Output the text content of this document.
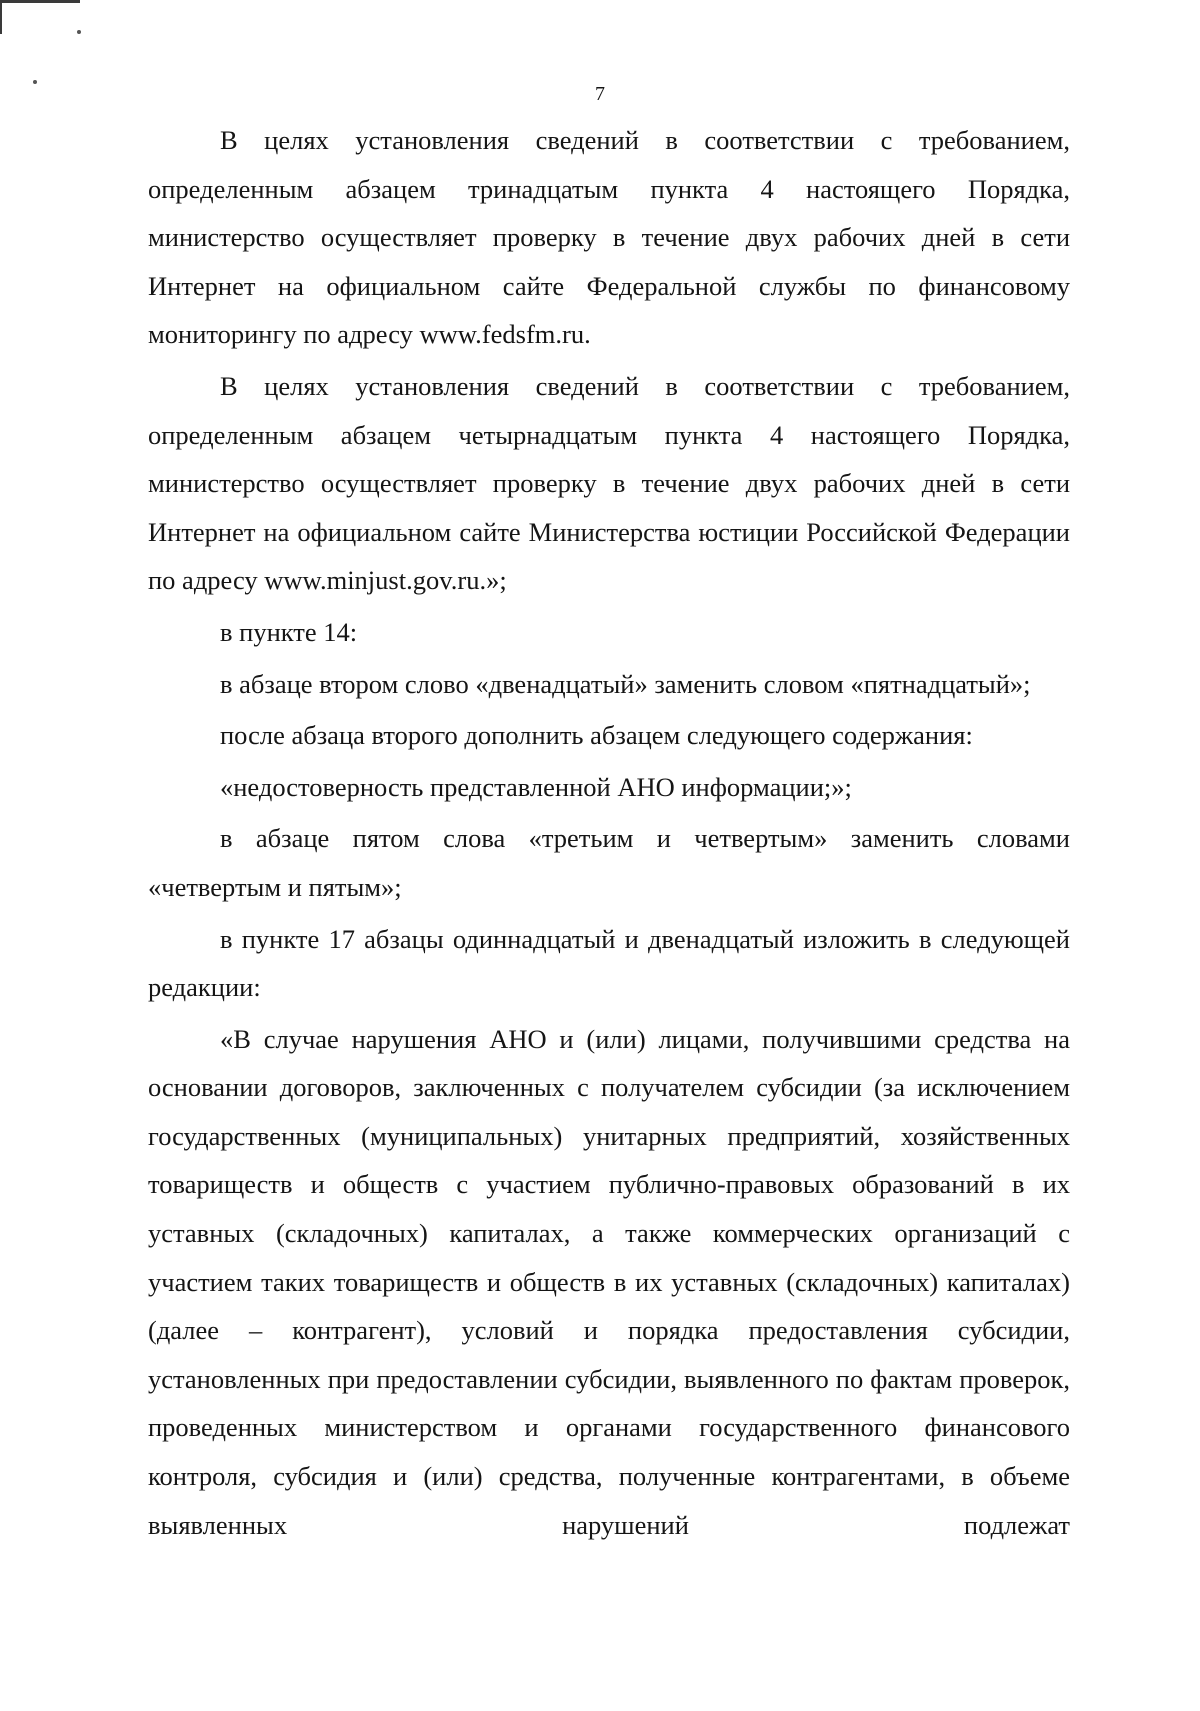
7

В целях установления сведений в соответствии с требованием, определенным абзацем тринадцатым пункта 4 настоящего Порядка, министерство осуществляет проверку в течение двух рабочих дней в сети Интернет на официальном сайте Федеральной службы по финансовому мониторингу по адресу www.fedsfm.ru.

В целях установления сведений в соответствии с требованием, определенным абзацем четырнадцатым пункта 4 настоящего Порядка, министерство осуществляет проверку в течение двух рабочих дней в сети Интернет на официальном сайте Министерства юстиции Российской Федерации по адресу www.minjust.gov.ru.»;

в пункте 14:

в абзаце втором слово «двенадцатый» заменить словом «пятнадцатый»;

после абзаца второго дополнить абзацем следующего содержания:

«недостоверность представленной АНО информации;»;

в абзаце пятом слова «третьим и четвертым» заменить словами «четвертым и пятым»;

в пункте 17 абзацы одиннадцатый и двенадцатый изложить в следующей редакции:

«В случае нарушения АНО и (или) лицами, получившими средства на основании договоров, заключенных с получателем субсидии (за исключением государственных (муниципальных) унитарных предприятий, хозяйственных товариществ и обществ с участием публично-правовых образований в их уставных (складочных) капиталах, а также коммерческих организаций с участием таких товариществ и обществ в их уставных (складочных) капиталах) (далее – контрагент), условий и порядка предоставления субсидии, установленных при предоставлении субсидии, выявленного по фактам проверок, проведенных министерством и органами государственного финансового контроля, субсидия и (или) средства, полученные контрагентами, в объеме выявленных нарушений подлежат
